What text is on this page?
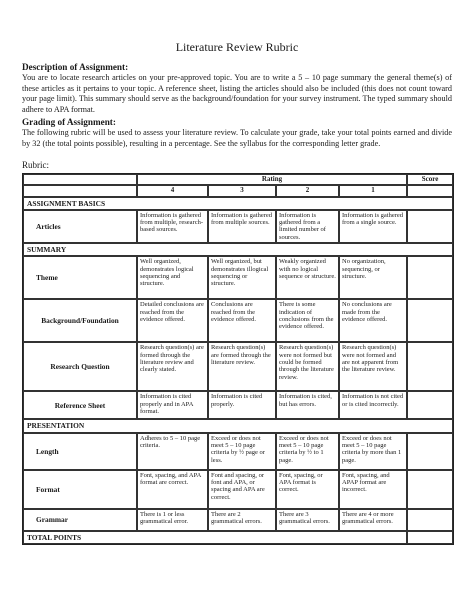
Literature Review Rubric
Description of Assignment:

You are to locate research articles on your pre-approved topic. You are to write a 5 – 10 page summary the general theme(s) of these articles as it pertains to your topic. A reference sheet, listing the articles should also be included (this does not count toward your page limit). This summary should serve as the background/foundation for your survey instrument. The typed summary should adhere to APA format.

Grading of Assignment:

The following rubric will be used to assess your literature review. To calculate your grade, take your total points earned and divide by 32 (the total points possible), resulting in a percentage. See the syllabus for the corresponding letter grade.

Rubric:
	Rating				Score
	4	3	2	1	
ASSIGNMENT BASICS					
Articles	Information is gathered from multiple, research-based sources.	Information is gathered from multiple sources.	Information is gathered from a limited number of sources.	Information is gathered from a single source.	
SUMMARY					
Theme	Well organized, demonstrates logical sequencing and structure.	Well organized, but demonstrates illogical sequencing or structure.	Weakly organized with no logical sequence or structure.	No organization, sequencing, or structure.	
Background/Foundation	Detailed conclusions are reached from the evidence offered.	Conclusions are reached from the evidence offered.	There is some indication of conclusions from the evidence offered.	No conclusions are made from the evidence offered.	
Research Question	Research question(s) are formed through the literature review and clearly stated.	Research question(s) are formed through the literature review.	Research question(s) were not formed but could be formed through the literature review.	Research question(s) were not formed and are not apparent from the literature review.	
Reference Sheet	Information is cited properly and in APA format.	Information is cited properly.	Information is cited, but has errors.	Information is not cited or is cited incorrectly.	
PRESENTATION					
Length	Adheres to 5 – 10 page criteria.	Exceed or does not meet 5 – 10 page criteria by ½ page or less.	Exceed or does not meet 5 – 10 page criteria by ½ to 1 page.	Exceed or does not meet 5 – 10 page criteria by more than 1 page.	
Format	Font, spacing, and APA format are correct.	Font and spacing, or font and APA, or spacing and APA are correct.	Font, spacing, or APA format is correct.	Font, spacing, and APAP format are incorrect.	
Grammar	There is 1 or less grammatical error.	There are 2 grammatical errors.	There are 3 grammatical errors.	There are 4 or more grammatical errors.	
TOTAL POINTS					
